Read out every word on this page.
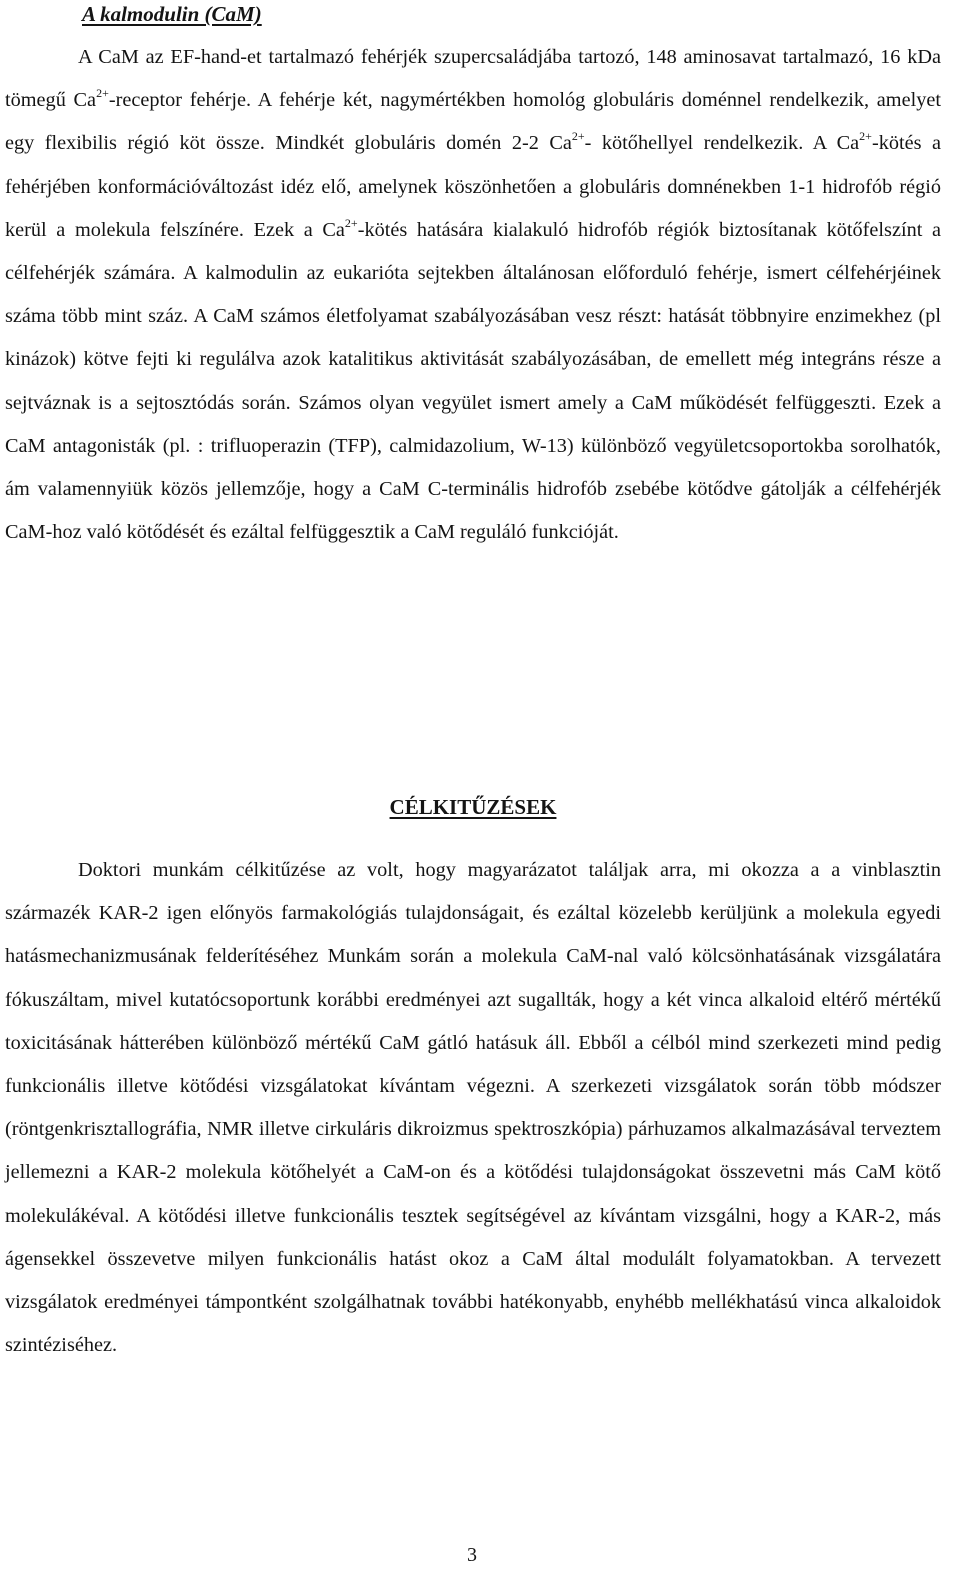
A kalmodulin (CaM)

A CaM az EF-hand-et tartalmazó fehérjék szupercsaládjába tartozó, 148 aminosavat tartalmazó, 16 kDa tömegű $Ca^{2+}$-receptor fehérje. A fehérje két, nagymértékben homológ globuláris doménnel rendelkezik, amelyet egy flexibilis régió köt össze. Mindkét globuláris domén 2-2 $Ca^{2+}-$ kötőhellyel rendelkezik. A $Ca^{2+}$-kötés a fehérjében konformációváltozást idéz elő, amelynek köszönhetően a globuláris domnénekben 1-1 hidrofób régió kerül a molekula felszínére. Ezek a $Ca^{2+}$-kötés hatására kialakuló hidrofób régiók biztosítanak kötőfelszínt a célfehérjék számára. A kalmodulin az eukarióta sejtekben általánosan előforduló fehérje, ismert célfehérjéinek száma több mint száz. A CaM számos életfolyamat szabályozásában vesz részt: hatását többnyire enzimekhez (pl kinázok) kötve fejti ki regulálva azok katalitikus aktivitását szabályozásában, de emellett még integráns része a sejtváznak is a sejtosztódás során. Számos olyan vegyület ismert amely a CaM működését felfüggeszti. Ezek a CaM antagonisták (pl. : trifluoperazin (TFP), calmidazolium, W-13) különböző vegyületcsoportokba sorolhatók, ám valamennyiük közös jellemzője, hogy a CaM C-terminális hidrofób zsebébe kötődve gátolják a célfehérjék CaM-hoz való kötődését és ezáltal felfüggesztik a CaM reguláló funkcióját.

CÉLKITŰZÉSEK

Doktori munkám célkitűzése az volt, hogy magyarázatot találjak arra, mi okozza a a vinblasztin származék KAR-2 igen előnyös farmakológiás tulajdonságait, és ezáltal közelebb kerüljünk a molekula egyedi hatásmechanizmusának felderítéséhez Munkám során a molekula CaM-nal való kölcsönhatásának vizsgálatára fókuszáltam, mivel kutatócsoportunk korábbi eredményei azt sugallták, hogy a két vinca alkaloid eltérő mértékű toxicitásának hátterében különböző mértékű CaM gátló hatásuk áll. Ebből a célból mind szerkezeti mind pedig funkcionális illetve kötődési vizsgálatokat kívántam végezni. A szerkezeti vizsgálatok során több módszer (röntgenkrisztallográfia, NMR illetve cirkuláris dikroizmus spektroszkópia) párhuzamos alkalmazásával terveztem jellemezni a KAR-2 molekula kötőhelyét a CaM-on és a kötődési tulajdonságokat összevetni más CaM kötő molekulákéval. A kötődési illetve funkcionális tesztek segítségével az kívántam vizsgálni, hogy a KAR-2, más ágensekkel összevetve milyen funkcionális hatást okoz a CaM által modulált folyamatokban. A tervezett vizsgálatok eredményei támpontként szolgálhatnak további hatékonyabb, enyhébb mellékhatású vinca alkaloidok szintéziséhez.

3
